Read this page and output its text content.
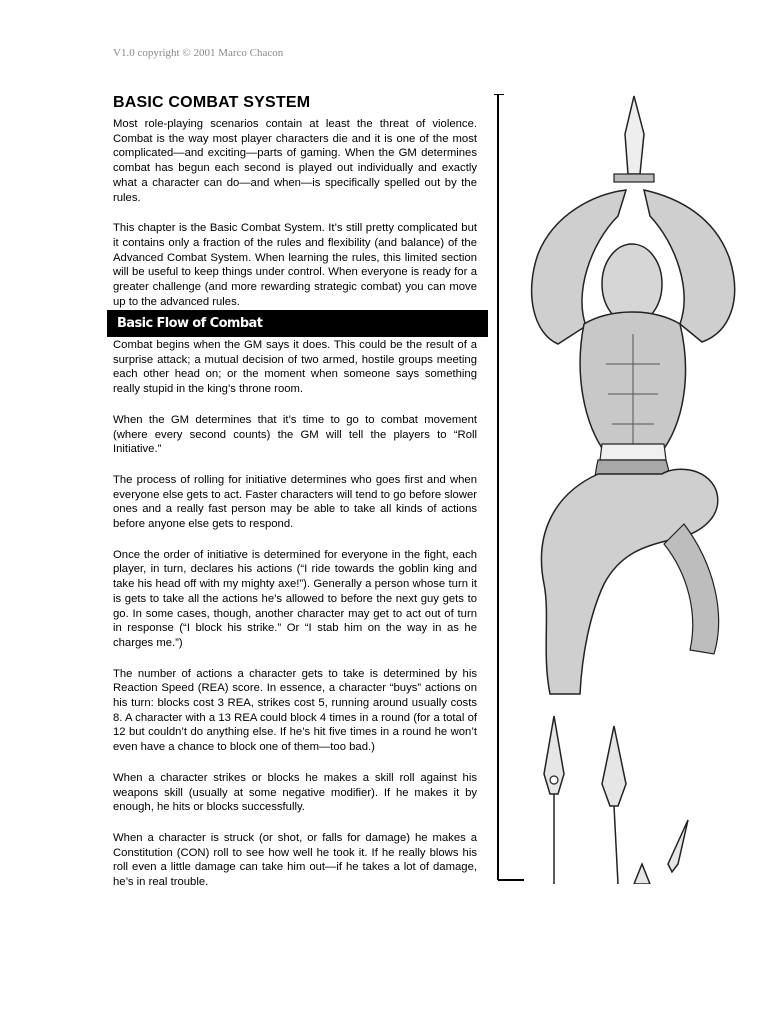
V1.0 copyright © 2001 Marco Chacon
BASIC COMBAT SYSTEM

Most role-playing scenarios contain at least the threat of violence. Combat is the way most player characters die and it is one of the most complicated—and exciting—parts of gaming. When the GM determines combat has begun each second is played out individually and exactly what a character can do—and when—is specifically spelled out by the rules.

This chapter is the Basic Combat System. It’s still pretty complicated but it contains only a fraction of the rules and flexibility (and balance) of the Advanced Combat System. When learning the rules, this limited section will be useful to keep things under control. When everyone is ready for a greater challenge (and more rewarding strategic combat) you can move up to the advanced rules.

Basic Flow of Combat

Combat begins when the GM says it does. This could be the result of a surprise attack; a mutual decision of two armed, hostile groups meeting each other head on; or the moment when someone says something really stupid in the king’s throne room.

When the GM determines that it’s time to go to combat movement (where every second counts) the GM will tell the players to “Roll Initiative.”

The process of rolling for initiative determines who goes first and when everyone else gets to act. Faster characters will tend to go before slower ones and a really fast person may be able to take all kinds of actions before anyone else gets to respond.

Once the order of initiative is determined for everyone in the fight, each player, in turn, declares his actions (“I ride towards the goblin king and take his head off with my mighty axe!”). Generally a person whose turn it is gets to take all the actions he’s allowed to before the next guy gets to go. In some cases, though, another character may get to act out of turn in response (“I block his strike.” Or “I stab him on the way in as he charges me.”)

The number of actions a character gets to take is determined by his Reaction Speed (REA) score. In essence, a character “buys” actions on his turn: blocks cost 3 REA, strikes cost 5, running around usually costs 8. A character with a 13 REA could block 4 times in a round (for a total of 12 but couldn’t do anything else. If he’s hit five times in a round he won’t even have a chance to block one of them—too bad.)

When a character strikes or blocks he makes a skill roll against his weapons skill (usually at some negative modifier). If he makes it by enough, he hits or blocks successfully.

When a character is struck (or shot, or falls for damage) he makes a Constitution (CON) roll to see how well he took it. If he really blows his roll even a little damage can take him out—if he takes a lot of damage, he’s in real trouble.
